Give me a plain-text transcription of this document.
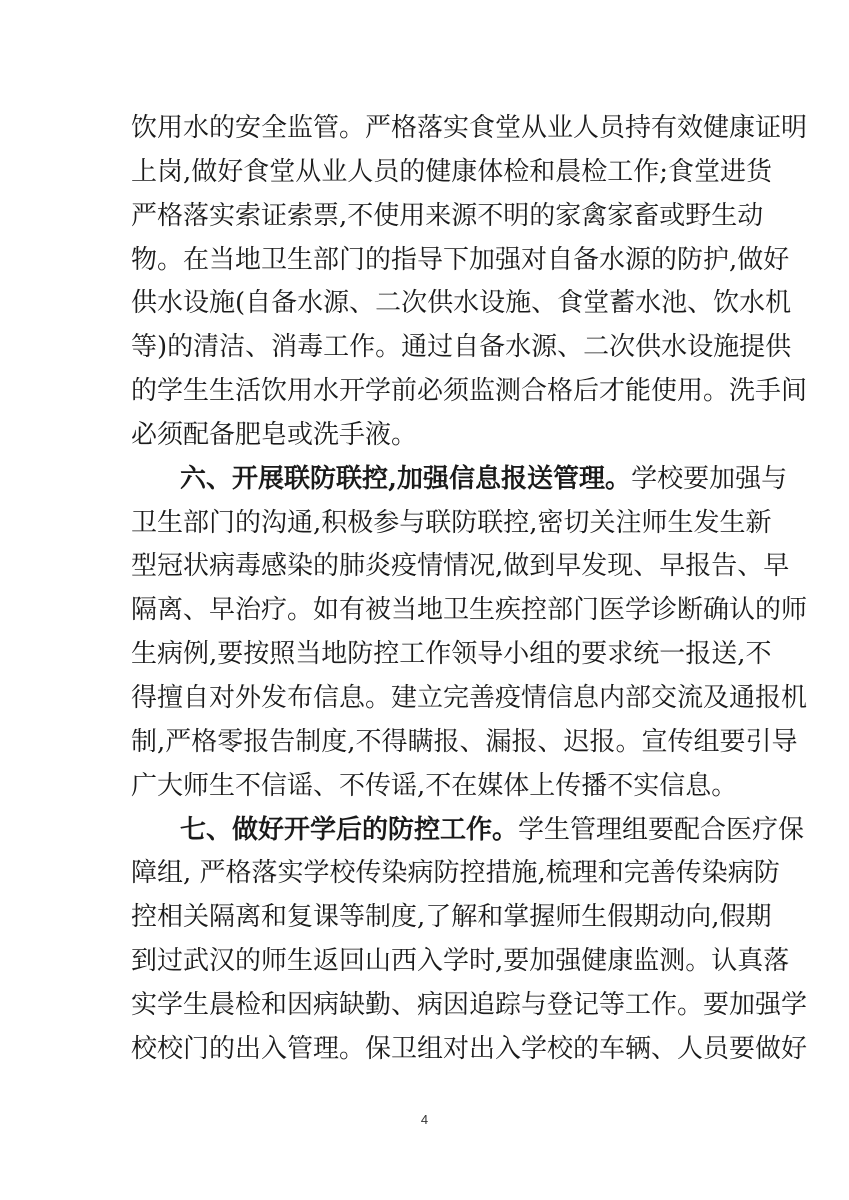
饮用水的安全监管。严格落实食堂从业人员持有效健康证明
上岗,做好食堂从业人员的健康体检和晨检工作;食堂进货
严格落实索证索票,不使用来源不明的家禽家畜或野生动
物。在当地卫生部门的指导下加强对自备水源的防护,做好
供水设施(自备水源、二次供水设施、食堂蓄水池、饮水机
等)的清洁、消毒工作。通过自备水源、二次供水设施提供
的学生生活饮用水开学前必须监测合格后才能使用。洗手间
必须配备肥皂或洗手液。
六、开展联防联控,加强信息报送管理。学校要加强与
卫生部门的沟通,积极参与联防联控,密切关注师生发生新
型冠状病毒感染的肺炎疫情情况,做到早发现、早报告、早
隔离、早治疗。如有被当地卫生疾控部门医学诊断确认的师
生病例,要按照当地防控工作领导小组的要求统一报送,不
得擅自对外发布信息。建立完善疫情信息内部交流及通报机
制,严格零报告制度,不得瞒报、漏报、迟报。宣传组要引导
广大师生不信谣、不传谣,不在媒体上传播不实信息。
七、做好开学后的防控工作。学生管理组要配合医疗保
障组, 严格落实学校传染病防控措施,梳理和完善传染病防
控相关隔离和复课等制度,了解和掌握师生假期动向,假期
到过武汉的师生返回山西入学时,要加强健康监测。认真落
实学生晨检和因病缺勤、病因追踪与登记等工作。要加强学
校校门的出入管理。保卫组对出入学校的车辆、人员要做好
4
